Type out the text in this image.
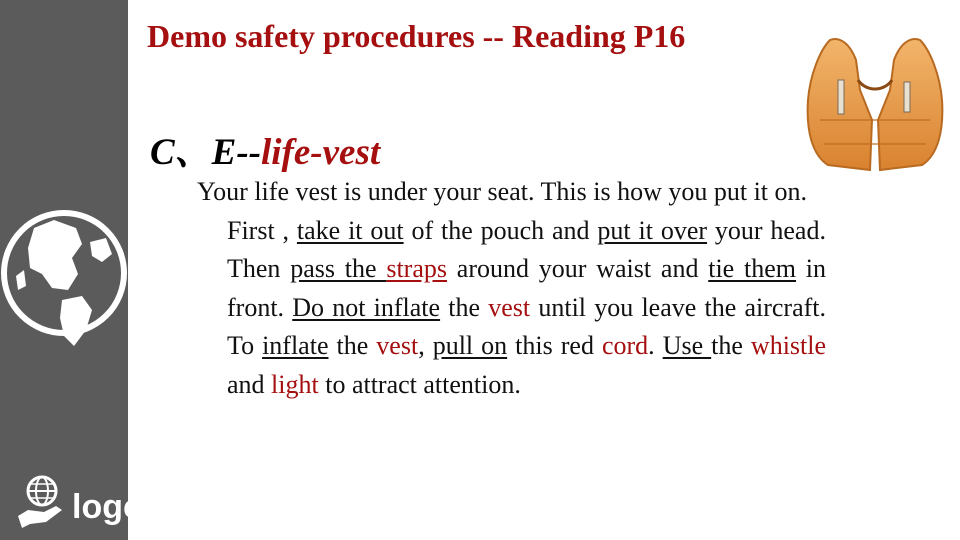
logo
Demo safety procedures -- Reading P16
C、E--life-vest

Your life vest is under your seat. This is how you put it on.

First , take it out of the pouch and put it over your head. Then pass the straps around your waist and tie them in front. Do not inflate the vest until you leave the aircraft. To inflate the vest, pull on this red cord. Use the whistle and light to attract attention.
